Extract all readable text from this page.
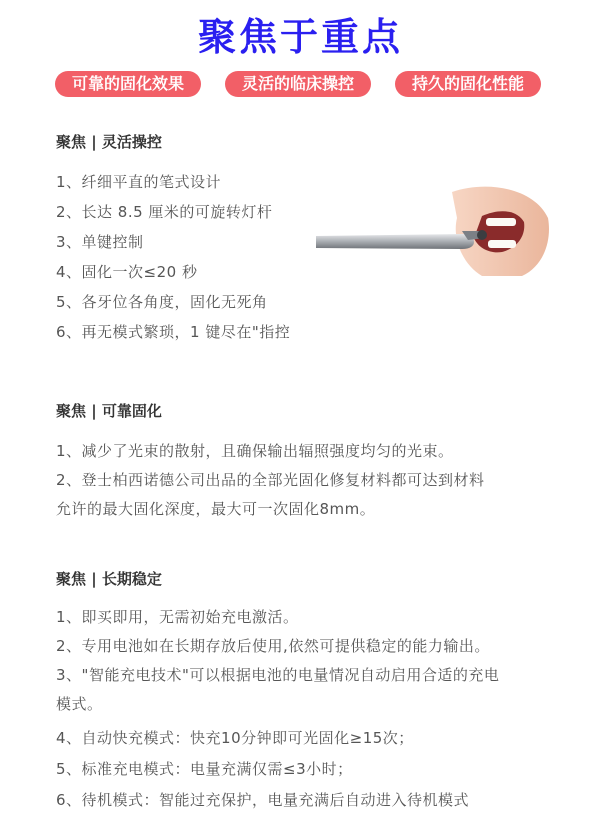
聚焦于重点
可靠的固化效果	灵活的临床操控	持久的固化性能
聚焦 | 灵活操控
1、纤细平直的笔式设计
2、长达 8.5 厘米的可旋转灯杆
3、单键控制
4、固化一次≤20 秒
5、各牙位各角度，固化无死角
6、再无模式繁琐，1 键尽在"指控
聚焦 | 可靠固化
1、减少了光束的散射，且确保输出辐照强度均匀的光束。
2、登士柏西诺德公司出品的全部光固化修复材料都可达到材料
允许的最大固化深度，最大可一次固化8mm。
聚焦 | 长期稳定
1、即买即用，无需初始充电激活。
2、专用电池如在长期存放后使用,依然可提供稳定的能力输出。
3、"智能充电技术"可以根据电池的电量情况自动启用合适的充电
模式。
4、自动快充模式：快充10分钟即可光固化≥15次；
5、标准充电模式：电量充满仅需≤3小时；
6、待机模式：智能过充保护，电量充满后自动进入待机模式
